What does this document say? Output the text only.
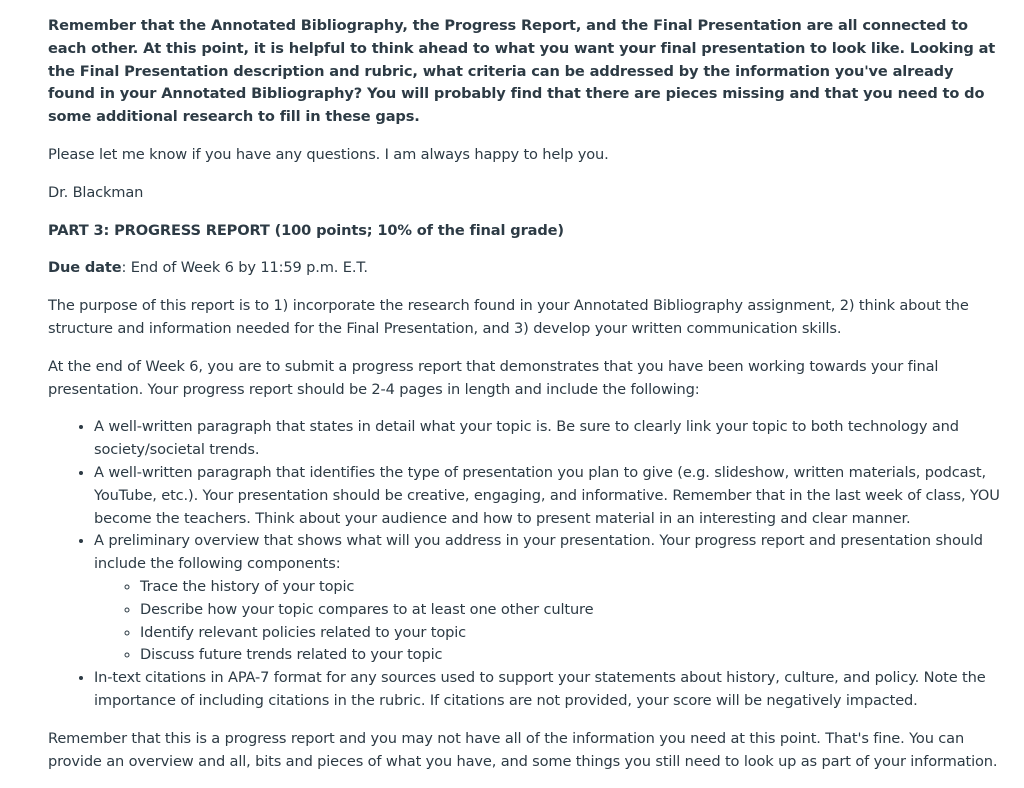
Remember that the Annotated Bibliography, the Progress Report, and the Final Presentation are all connected to each other. At this point, it is helpful to think ahead to what you want your final presentation to look like. Looking at the Final Presentation description and rubric, what criteria can be addressed by the information you've already found in your Annotated Bibliography? You will probably find that there are pieces missing and that you need to do some additional research to fill in these gaps.

Please let me know if you have any questions. I am always happy to help you.

Dr. Blackman

PART 3: PROGRESS REPORT (100 points; 10% of the final grade)

Due date: End of Week 6 by 11:59 p.m. E.T.

The purpose of this report is to 1) incorporate the research found in your Annotated Bibliography assignment, 2) think about the structure and information needed for the Final Presentation, and 3) develop your written communication skills.

At the end of Week 6, you are to submit a progress report that demonstrates that you have been working towards your final presentation. Your progress report should be 2-4 pages in length and include the following:

• A well-written paragraph that states in detail what your topic is. Be sure to clearly link your topic to both technology and society/societal trends.
• A well-written paragraph that identifies the type of presentation you plan to give (e.g. slideshow, written materials, podcast, YouTube, etc.). Your presentation should be creative, engaging, and informative. Remember that in the last week of class, YOU become the teachers. Think about your audience and how to present material in an interesting and clear manner.
• A preliminary overview that shows what will you address in your presentation. Your progress report and presentation should include the following components:
◦ Trace the history of your topic
◦ Describe how your topic compares to at least one other culture
◦ Identify relevant policies related to your topic
◦ Discuss future trends related to your topic
• In-text citations in APA-7 format for any sources used to support your statements about history, culture, and policy. Note the importance of including citations in the rubric. If citations are not provided, your score will be negatively impacted.

Remember that this is a progress report and you may not have all of the information you need at this point. That's fine. You can provide an overview and all, bits and pieces of what you have, and some things you still need to look up as part of your information.
